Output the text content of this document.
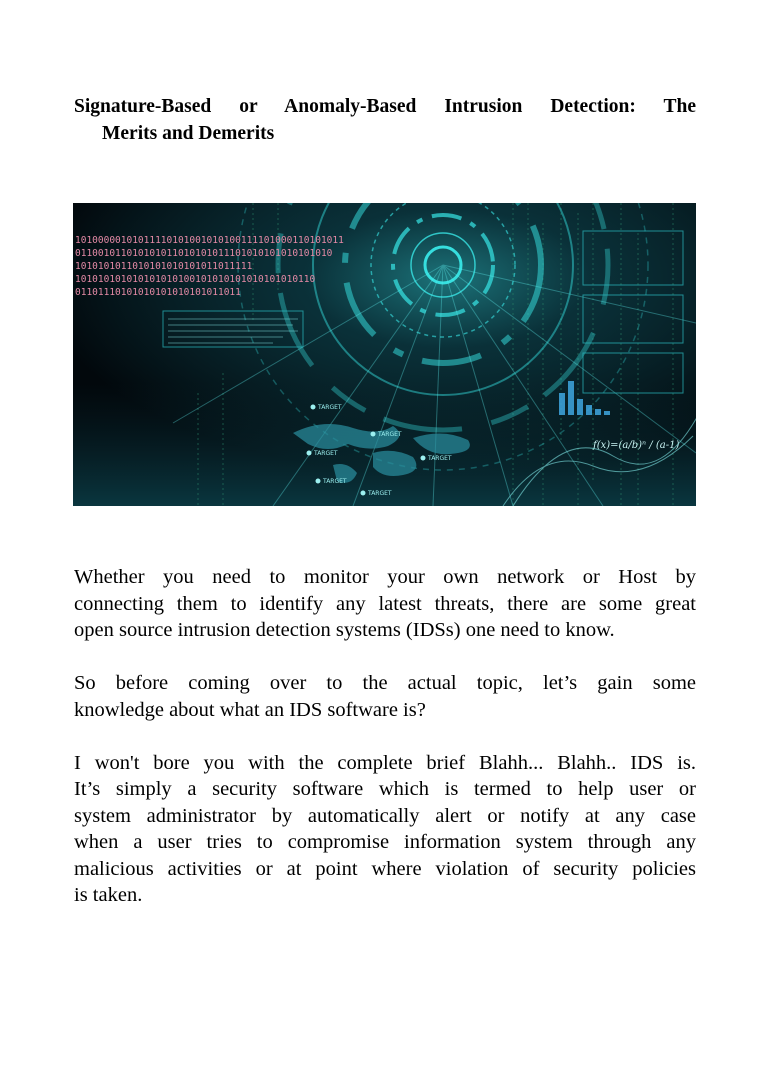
Signature-Based or Anomaly-Based Intrusion Detection: The
Merits and Demerits
10100000101011110101001010100111101000110101011
011001011010101011010101011101010101010101010
1010101011010101010101011011111
101010101010101010100101010101010101010110
01101110101010101010101011011
f(x)=(a/b)ⁿ / (a-1)
TARGET
TARGET
TARGET
TARGET
TARGET
TARGET

Whether you need to monitor your own network or Host by
connecting them to identify any latest threats, there are some great
open source intrusion detection systems (IDSs) one need to know.

So before coming over to the actual topic, let’s gain some
knowledge about what an IDS software is?

I won't bore you with the complete brief Blahh... Blahh.. IDS is.
It’s simply a security software which is termed to help user or
system administrator by automatically alert or notify at any case
when a user tries to compromise information system through any
malicious activities or at point where violation of security policies
is taken.
